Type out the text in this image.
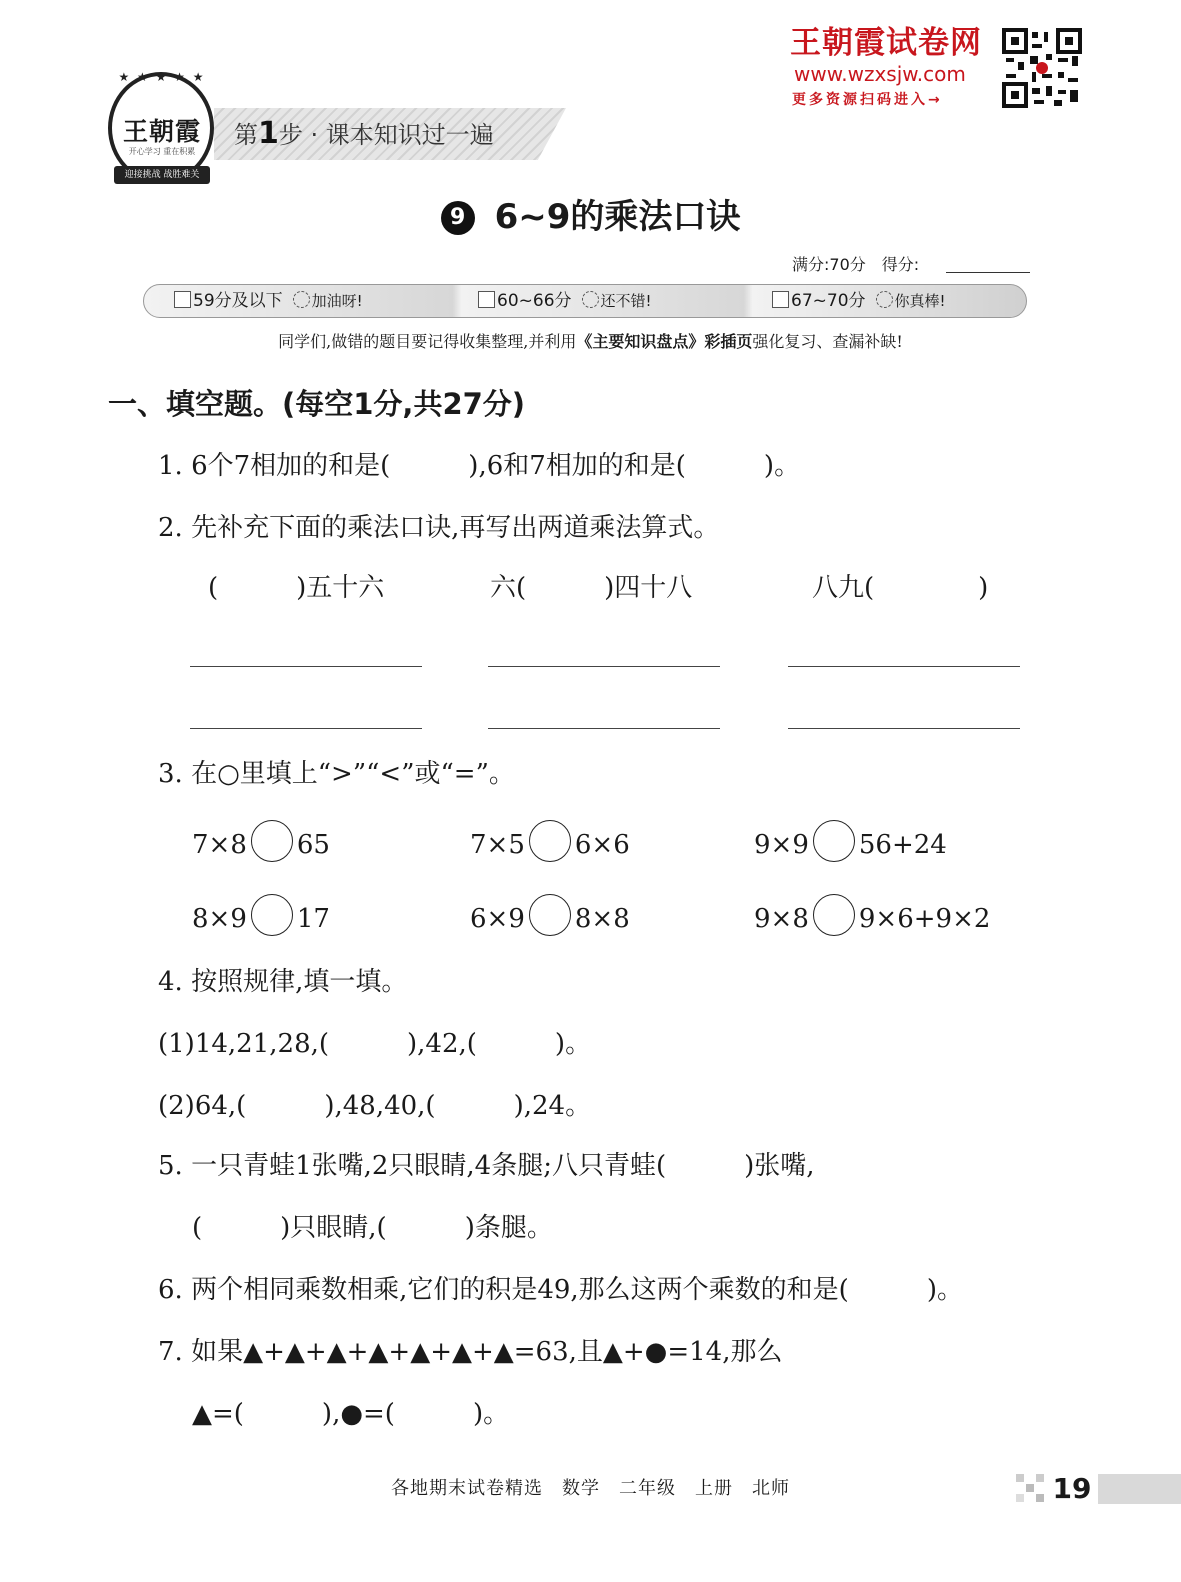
★ ★ ★ ★ ★
王朝霞
开心学习 重在积累
迎接挑战 战胜难关
第1步 · 课本知识过一遍
王朝霞试卷网
www.wzxsjw.com
更多资源扫码进入→
9 6~9的乘法口诀
满分:70分　 得分:
59分及以下 加油呀!	60~66分 还不错!	67~70分 你真棒!
同学们,做错的题目要记得收集整理,并利用《主要知识盘点》彩插页强化复习、查漏补缺!
一、填空题。(每空1分,共27分)
1. 6个7相加的和是(　　　),6和7相加的和是(　　　)。
2. 先补充下面的乘法口诀,再写出两道乘法算式。
(　　　)五十六	六(　　　)四十八	八九(　　　　)
3. 在○里填上“>”“<”或“=”。
7×8 65	7×5 6×6	9×9 56+24
8×9 17	6×9 8×8	9×8 9×6+9×2
4. 按照规律,填一填。
(1)14,21,28,(　　　),42,(　　　)。
(2)64,(　　　),48,40,(　　　),24。
5. 一只青蛙1张嘴,2只眼睛,4条腿;八只青蛙(　　　)张嘴,
(　　　)只眼睛,(　　　)条腿。
6. 两个相同乘数相乘,它们的积是49,那么这两个乘数的和是(　　　)。
7. 如果▲+▲+▲+▲+▲+▲+▲=63,且▲+●=14,那么
▲=(　　　),●=(　　　)。
各地期末试卷精选　数学　二年级　上册　北师	19
